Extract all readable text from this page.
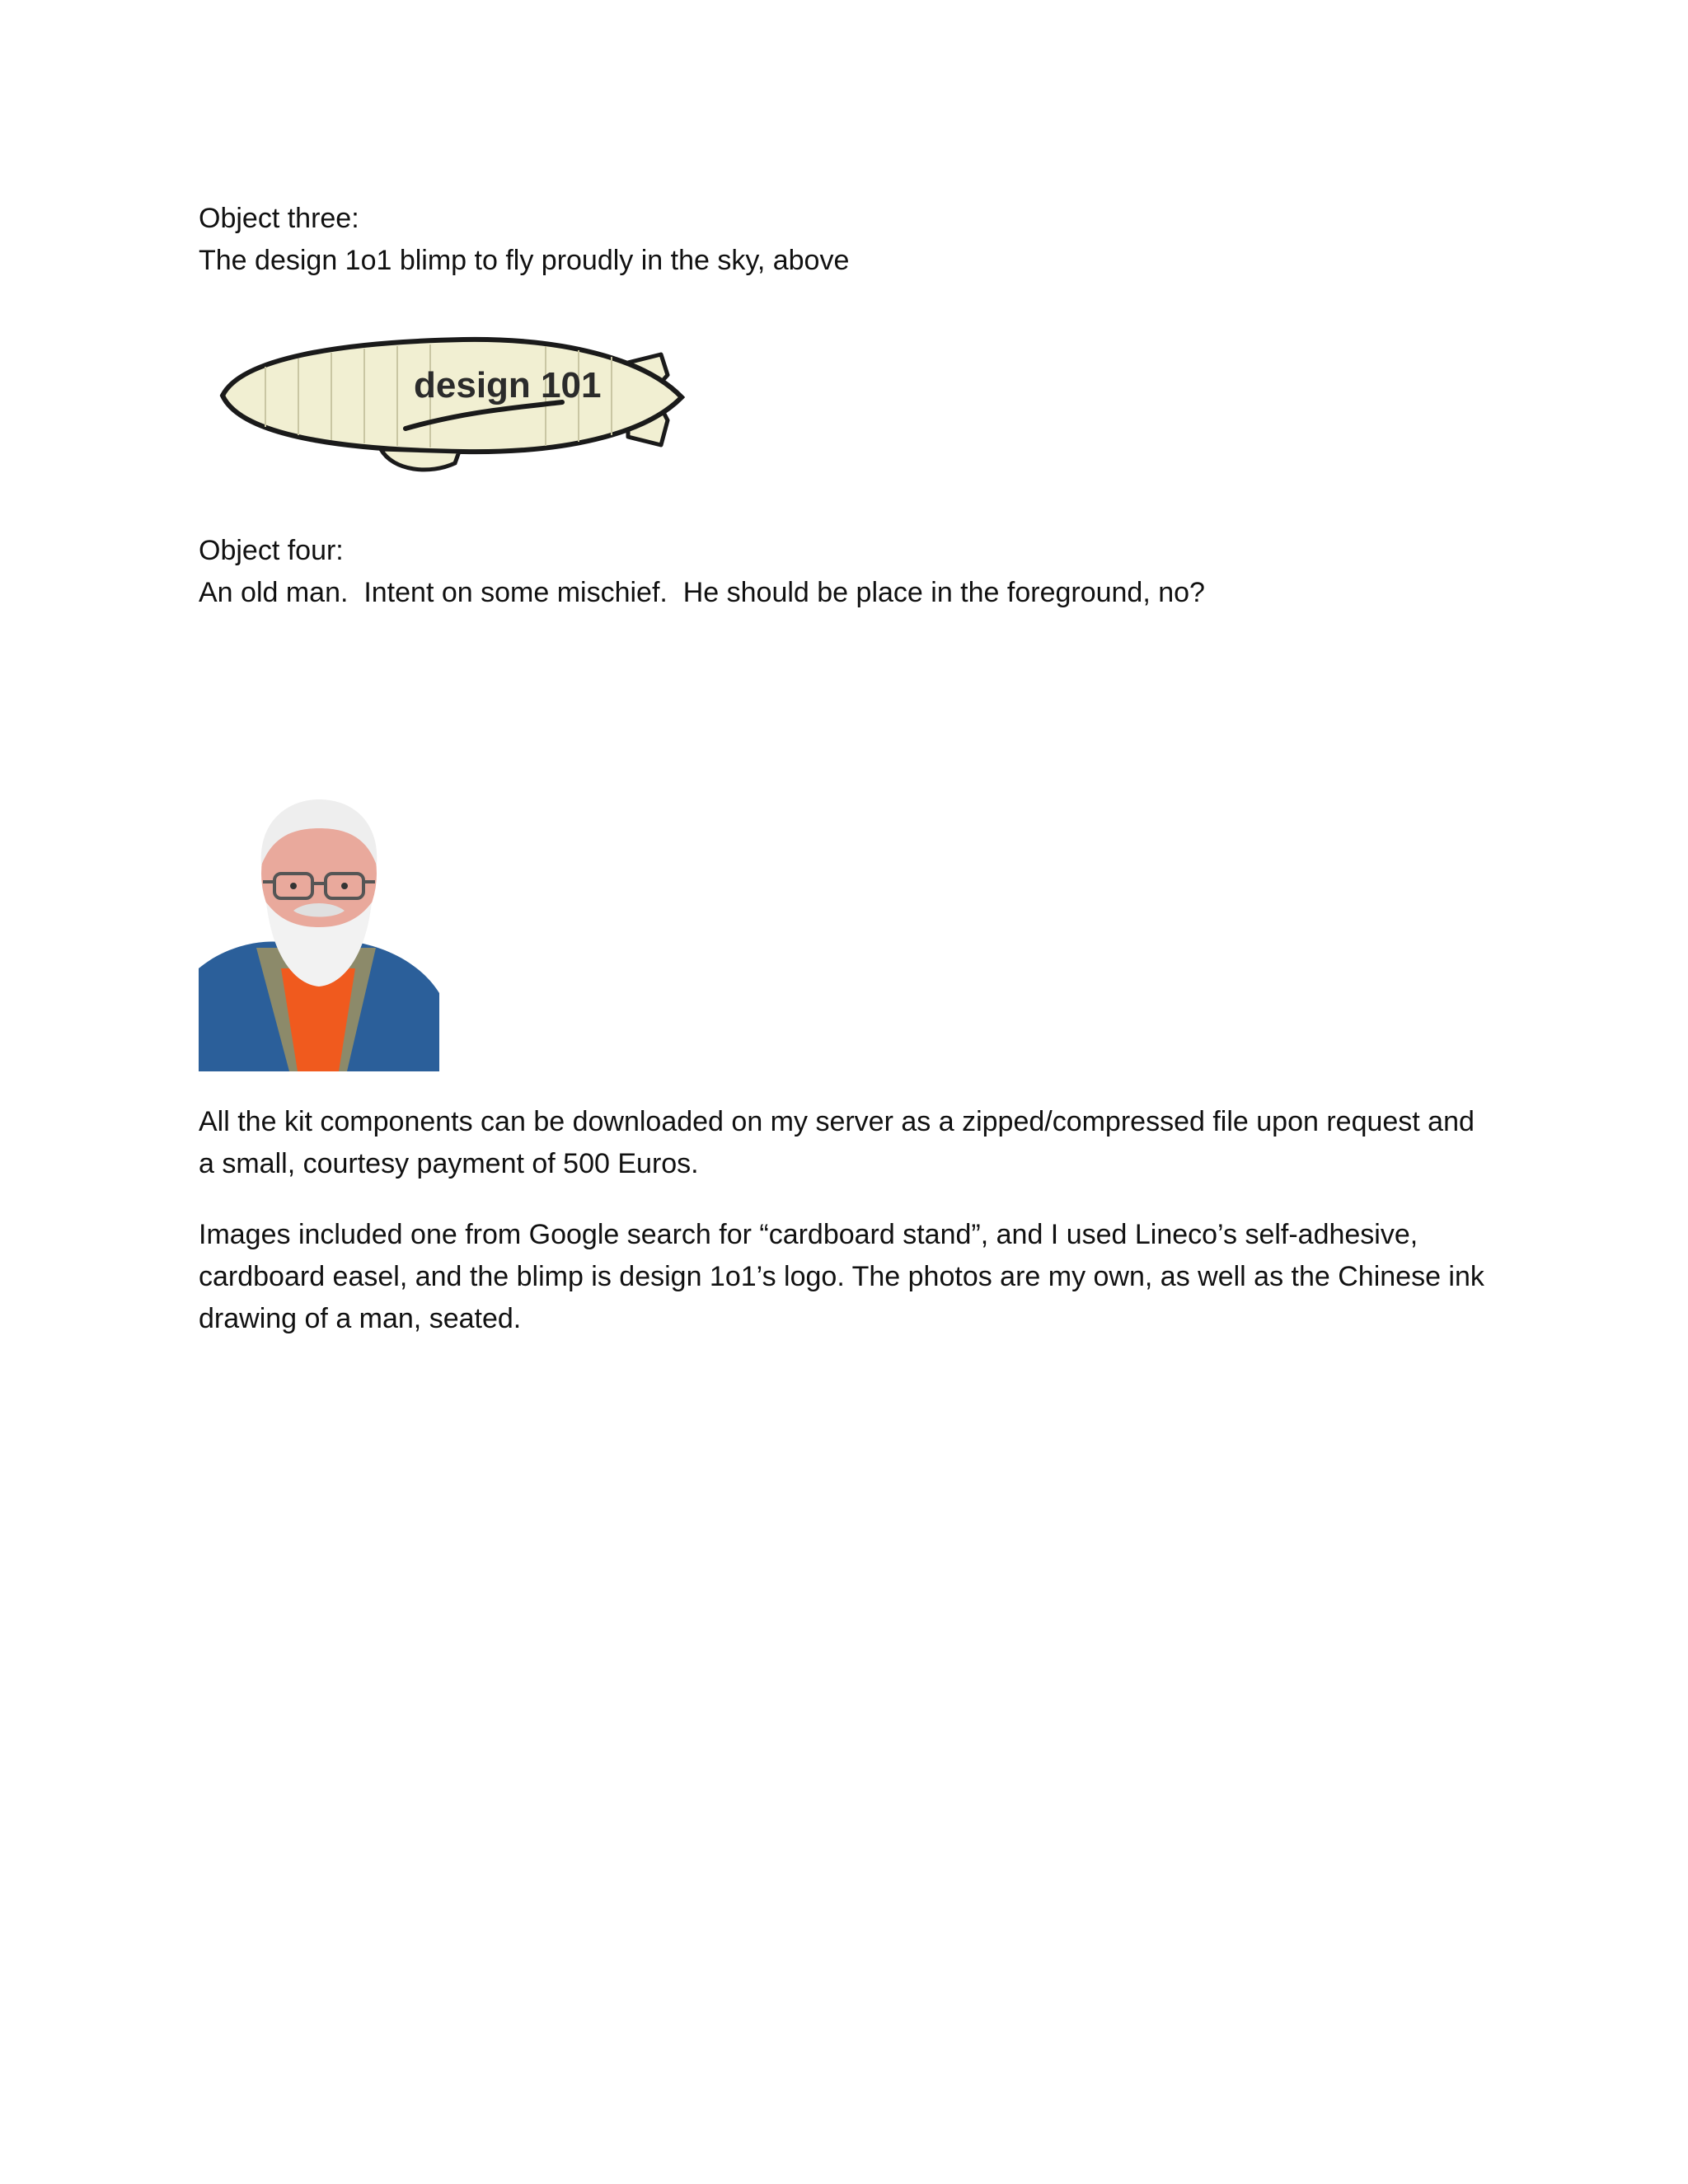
Object three:
The design 1o1 blimp to fly proudly in the sky, above

design 101

Object four:
An old man.  Intent on some mischief.  He should be place in the foreground, no?

All the kit components can be downloaded on my server as a zipped/compressed file upon request and
a small, courtesy payment of 500 Euros.

Images included one from Google search for “cardboard stand”, and I used Lineco’s self-adhesive,
cardboard easel, and the blimp is design 1o1’s logo. The photos are my own, as well as the Chinese ink
drawing of a man, seated.
